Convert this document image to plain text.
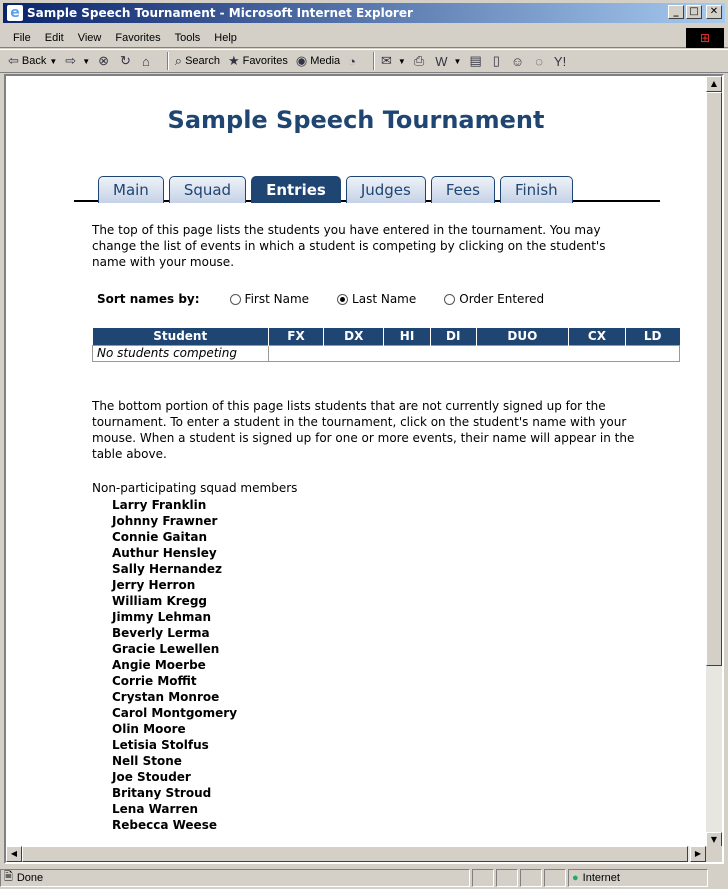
e Sample Speech Tournament - Microsoft Internet Explorer	_	□	✕
File	Edit	View	Favorites	Tools	Help	⊞
⇦ Back ▼ ⇨ ▼ ⊗ ↻ ⌂ ⌕ Search ★ Favorites ◉ Media ◔ ✉ ▼ ⎙ W ▼ ▤ ▯ ☺ ◌ Y!
Sample Speech Tournament
Main	Squad	Entries	Judges	Fees	Finish
The top of this page lists the students you have entered in the tournament. You may change the list of events in which a student is competing by clicking on the student's name with your mouse.
Sort names by:	First Name	Last Name	Order Entered
Student	FX	DX	HI	DI	DUO	CX	LD
No students competing							
The bottom portion of this page lists students that are not currently signed up for the tournament. To enter a student in the tournament, click on the student's name with your mouse. When a student is signed up for one or more events, their name will appear in the table above.
Non-participating squad members
Larry Franklin
Johnny Frawner
Connie Gaitan
Authur Hensley
Sally Hernandez
Jerry Herron
William Kregg
Jimmy Lehman
Beverly Lerma
Gracie Lewellen
Angie Moerbe
Corrie Moffit
Crystan Monroe
Carol Montgomery
Olin Moore
Letisia Stolfus
Nell Stone
Joe Stouder
Britany Stroud
Lena Warren
Rebecca Weese
▲
▼
◀	▶
🗎 Done	● Internet
